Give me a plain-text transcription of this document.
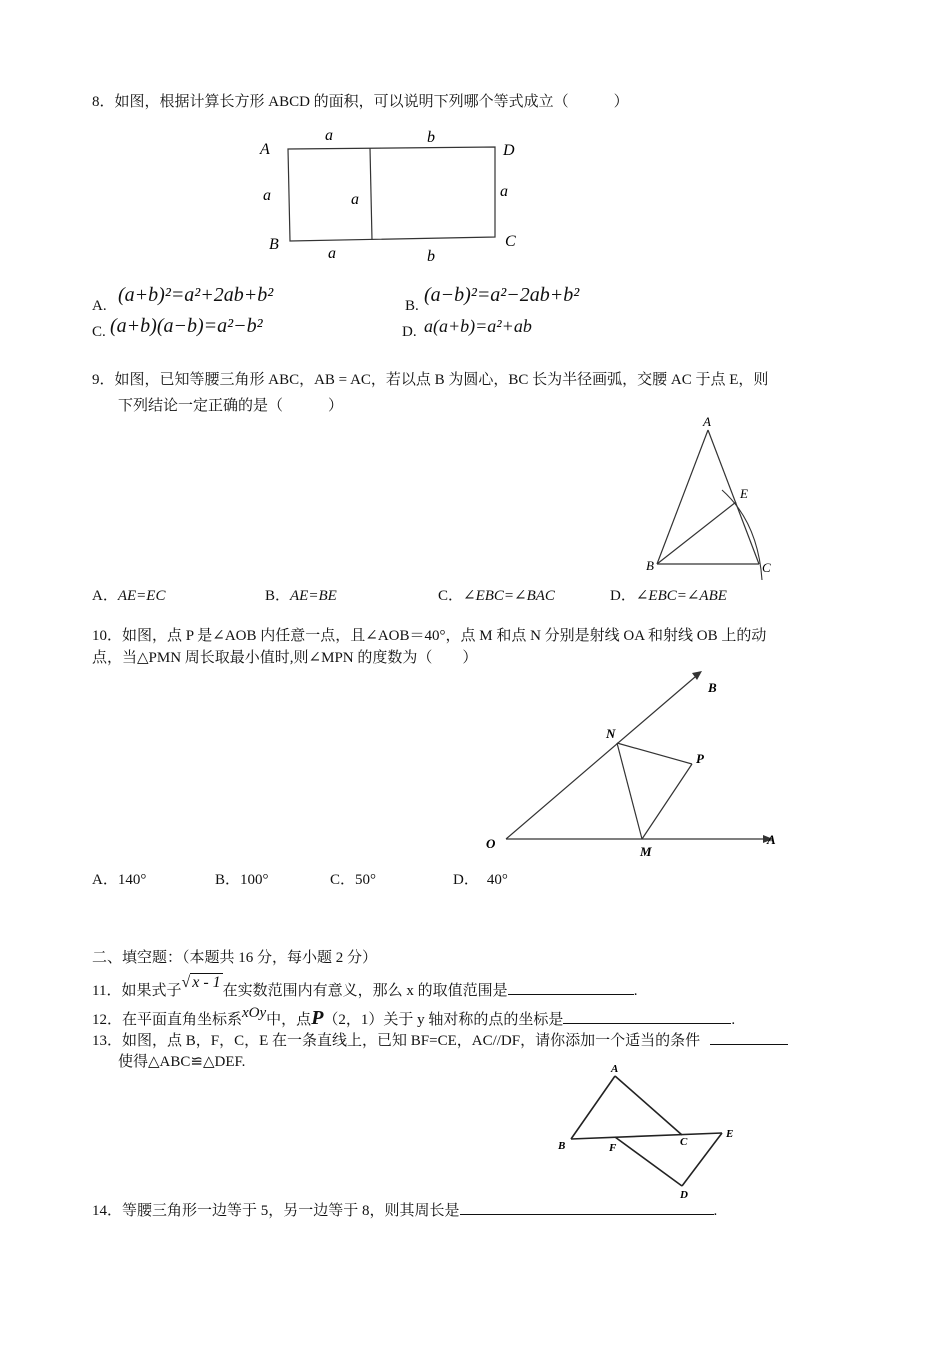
8．如图，根据计算长方形 ABCD 的面积，可以说明下列哪个等式成立（　　　）
A	D
B	C
a	b
a	a	a
a	b
A. (a+b)²=a²+2ab+b²	B. (a−b)²=a²−2ab+b²
C. (a+b)(a−b)=a²−b²	D. a(a+b)=a²+ab
9．如图，已知等腰三角形 ABC，AB = AC，若以点 B 为圆心，BC 长为半径画弧，交腰 AC 于点 E，则
下列结论一定正确的是（　　　）
A
E
B	C
A．AE=EC	B．AE=BE	C．∠EBC=∠BAC	D．∠EBC=∠ABE
10．如图，点 P 是∠AOB 内任意一点，且∠AOB＝40°，点 M 和点 N 分别是射线 OA 和射线 OB 上的动
点，当△PMN 周长取最小值时,则∠MPN 的度数为（　　）
O	A
B
N
P
M
A．140°	B．100°	C．50°	D． 40°
二、填空题：（本题共 16 分，每小题 2 分）
11．如果式子√ x - 1 在实数范围内有意义，那么 x 的取值范围是	.
12．在平面直角坐标系xOy中，点P（2，1）关于 y 轴对称的点的坐标是	.
13．如图，点 B，F，C，E 在一条直线上，已知 BF=CE，AC//DF，请你添加一个适当的条件
使得△ABC≌△DEF.	A
B	F	C
E
D
14．等腰三角形一边等于 5，另一边等于 8，则其周长是	.
